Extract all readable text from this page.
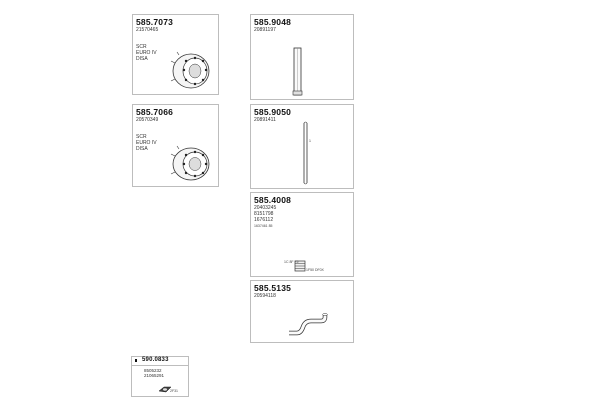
585.7073
21570465
SCR
EURO IV
DISA
585.9048
20891197
585.7066
20570349
SCR
EURO IV
DISA
585.9050
20891411
1
585.4008
20403245
8151798
1676112
1637461 85
1C 8F 75
1F50 DF0X
585.5135
20594118
590.0833
8505232
21065291
2F31
